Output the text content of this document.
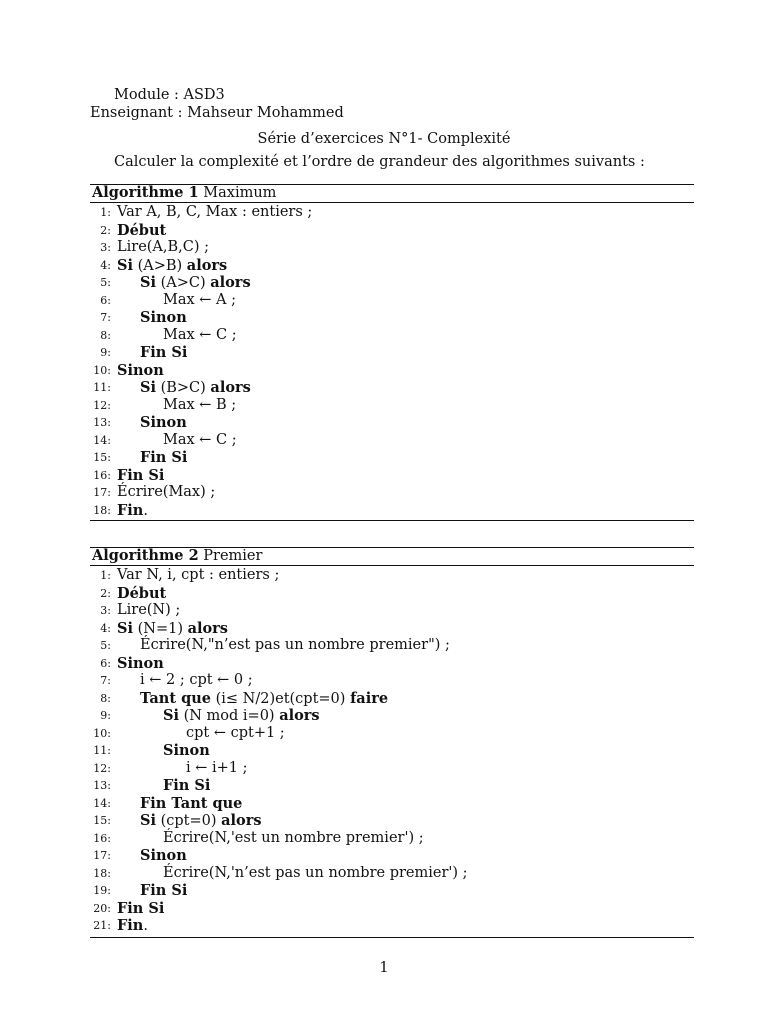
Module : ASD3
Enseignant : Mahseur Mohammed
Série d’exercices N°1- Complexité
Calculer la complexité et l’ordre de grandeur des algorithmes suivants :
Algorithme 1 Maximum
1: Var A, B, C, Max : entiers ;
2: Début
3: Lire(A,B,C) ;
4: Si (A>B) alors
5: Si (A>C) alors
6:	Max ← A ;
7: Sinon
8:	Max ← C ;
9: Fin Si
10: Sinon
11: Si (B>C) alors
12:	Max ← B ;
13: Sinon
14:	Max ← C ;
15: Fin Si
16: Fin Si
17: Écrire(Max) ;
18: Fin.
Algorithme 2 Premier
1: Var N, i, cpt : entiers ;
2: Début
3: Lire(N) ;
4: Si (N=1) alors
5: Écrire(N,"n’est pas un nombre premier") ;
6: Sinon
7: i ← 2 ; cpt ← 0 ;
8: Tant que (i≤ N/2)et(cpt=0) faire
9:	Si (N mod i=0) alors
10:	cpt ← cpt+1 ;
11:	Sinon
12:	i ← i+1 ;
13:	Fin Si
14: Fin Tant que
15: Si (cpt=0) alors
16:	Écrire(N,'est un nombre premier') ;
17: Sinon
18:	Écrire(N,'n’est pas un nombre premier') ;
19: Fin Si
20: Fin Si
21: Fin.
1
